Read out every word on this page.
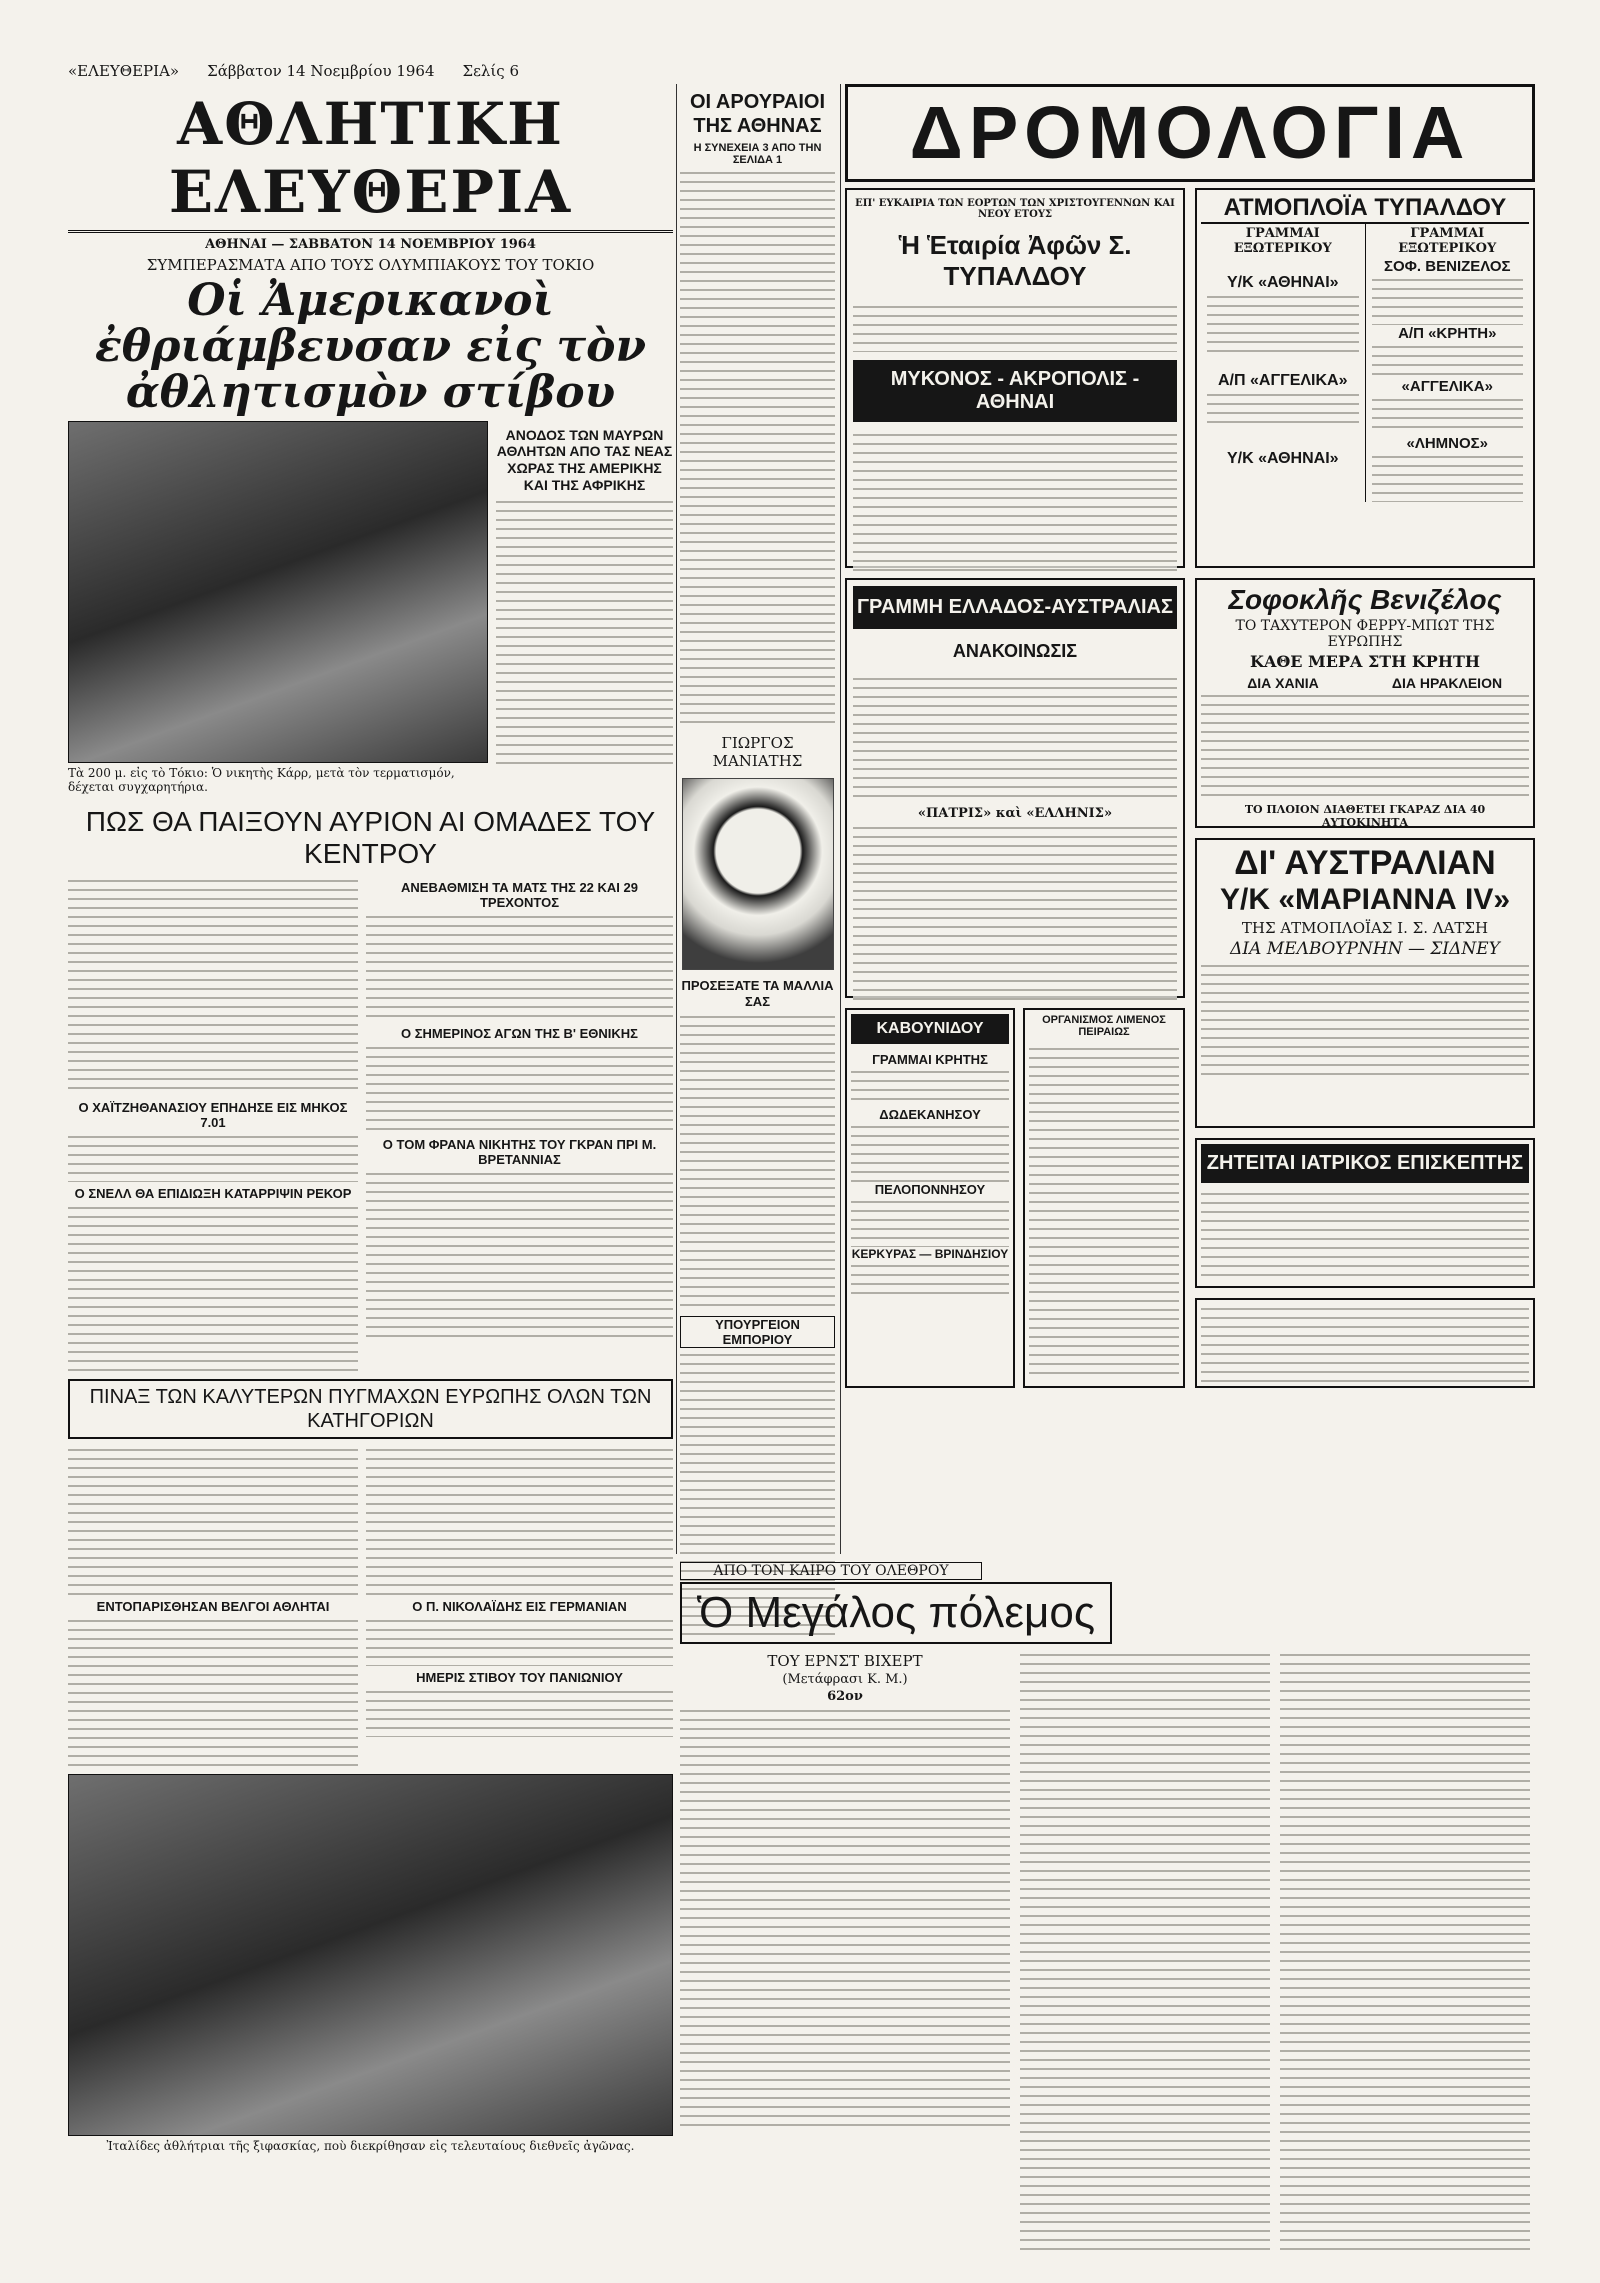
«ΕΛΕΥΘΕΡΙΑ» Σάββατον 14 Νοεμβρίου 1964 Σελίς 6
ΑΘΛΗΤΙΚΗ ΕΛΕΥΘΕΡΙΑ
ΑΘΗΝΑΙ — ΣΑΒΒΑΤΟΝ 14 ΝΟΕΜΒΡΙΟΥ 1964
ΣΥΜΠΕΡΑΣΜΑΤΑ ΑΠΟ ΤΟΥΣ ΟΛΥΜΠΙΑΚΟΥΣ ΤΟΥ ΤΟΚΙΟ
Οἱ Ἀμερικανοὶ ἐθριάμβευσαν εἰς τὸν ἀθλητισμὸν στίβου
Τὰ 200 μ. εἰς τὸ Τόκιο: Ὁ νικητὴς Κάρρ, μετὰ τὸν τερματισμόν, δέχεται συγχαρητήρια.
ΑΝΟΔΟΣ ΤΩΝ ΜΑΥΡΩΝ ΑΘΛΗΤΩΝ ΑΠΟ ΤΑΣ ΝΕΑΣ ΧΩΡΑΣ ΤΗΣ ΑΜΕΡΙΚΗΣ ΚΑΙ ΤΗΣ ΑΦΡΙΚΗΣ
ΠΩΣ ΘΑ ΠΑΙΞΟΥΝ ΑΥΡΙΟΝ ΑΙ ΟΜΑΔΕΣ ΤΟΥ ΚΕΝΤΡΟΥ
Ο ΧΑΪΤΖΗΘΑΝΑΣΙΟΥ ΕΠΗΔΗΣΕ ΕΙΣ ΜΗΚΟΣ 7.01
Ο ΣΝΕΛΛ ΘΑ ΕΠΙΔΙΩΞΗ ΚΑΤΑΡΡΙΨΙΝ ΡΕΚΟΡ
ΑΝΕΒΑΘΜΙΣΗ ΤΑ ΜΑΤΣ ΤΗΣ 22 ΚΑΙ 29 ΤΡΕΧΟΝΤΟΣ
Ο ΣΗΜΕΡΙΝΟΣ ΑΓΩΝ ΤΗΣ Β' ΕΘΝΙΚΗΣ
Ο ΤΟΜ ΦΡΑΝΑ ΝΙΚΗΤΗΣ ΤΟΥ ΓΚΡΑΝ ΠΡΙ Μ. ΒΡΕΤΑΝΝΙΑΣ
ΠΙΝΑΞ ΤΩΝ ΚΑΛΥΤΕΡΩΝ ΠΥΓΜΑΧΩΝ ΕΥΡΩΠΗΣ ΟΛΩΝ ΤΩΝ ΚΑΤΗΓΟΡΙΩΝ
ΕΝΤΟΠΑΡΙΣΘΗΣΑΝ ΒΕΛΓΟΙ ΑΘΛΗΤΑΙ	Ο Π. ΝΙΚΟΛΑΪΔΗΣ ΕΙΣ ΓΕΡΜΑΝΙΑΝ
ΗΜΕΡΙΣ ΣΤΙΒΟΥ ΤΟΥ ΠΑΝΙΩΝΙΟΥ
Ἰταλίδες ἀθλήτριαι τῆς ξιφασκίας, ποὺ διεκρίθησαν εἰς τελευταίους διεθνεῖς ἀγῶνας.
ΟΙ ΑΡΟΥΡΑΙΟΙ ΤΗΣ ΑΘΗΝΑΣ
Η ΣΥΝΕΧΕΙΑ 3 ΑΠΟ ΤΗΝ ΣΕΛΙΔΑ 1
ΓΙΩΡΓΟΣ ΜΑΝΙΑΤΗΣ
ΠΡΟΣΕΞΑΤΕ ΤΑ ΜΑΛΛΙΑ ΣΑΣ
ΥΠΟΥΡΓΕΙΟΝ ΕΜΠΟΡΙΟΥ
ΔΡΟΜΟΛΟΓΙΑ
ΕΠ' ΕΥΚΑΙΡΙΑ ΤΩΝ ΕΟΡΤΩΝ ΤΩΝ ΧΡΙΣΤΟΥΓΕΝΝΩΝ ΚΑΙ ΝΕΟΥ ΕΤΟΥΣ
Ἡ Ἑταιρία Ἀφῶν Σ. ΤΥΠΑΛΔΟΥ
ΜΥΚΟΝΟΣ - ΑΚΡΟΠΟΛΙΣ - ΑΘΗΝΑΙ
ΑΤΜΟΠΛΟΪΑ ΤΥΠΑΛΔΟΥ
ΓΡΑΜΜΑΙ ΕΞΩΤΕΡΙΚΟΥ
Υ/Κ «ΑΘΗΝΑΙ»
Α/Π «ΑΓΓΕΛΙΚΑ»
Υ/Κ «ΑΘΗΝΑΙ»
ΓΡΑΜΜΑΙ ΕΞΩΤΕΡΙΚΟΥ
ΣΟΦ. ΒΕΝΙΖΕΛΟΣ
Α/Π «ΚΡΗΤΗ»
«ΑΓΓΕΛΙΚΑ»
«ΛΗΜΝΟΣ»
ΓΡΑΜΜΗ ΕΛΛΑΔΟΣ-ΑΥΣΤΡΑΛΙΑΣ
ΑΝΑΚΟΙΝΩΣΙΣ
«ΠΑΤΡΙΣ» καὶ «ΕΛΛΗΝΙΣ»
Σοφοκλῆς Βενιζέλος
ΤΟ ΤΑΧΥΤΕΡΟΝ ΦΕΡΡΥ-ΜΠΩΤ ΤΗΣ ΕΥΡΩΠΗΣ
ΚΑΘΕ ΜΕΡΑ ΣΤΗ ΚΡΗΤΗ
ΔΙΑ ΧΑΝΙΑ	ΔΙΑ ΗΡΑΚΛΕΙΟΝ
ΤΟ ΠΛΟΙΟΝ ΔΙΑΘΕΤΕΙ ΓΚΑΡΑΖ ΔΙΑ 40 ΑΥΤΟΚΙΝΗΤΑ
ΔΙ' ΑΥΣΤΡΑΛΙΑΝ
Υ/Κ «ΜΑΡΙΑΝΝΑ IV»
ΤΗΣ ΑΤΜΟΠΛΟΪΑΣ Ι. Σ. ΛΑΤΣΗ
ΔΙΑ ΜΕΛΒΟΥΡΝΗΝ — ΣΙΔΝΕΥ
ΖΗΤΕΙΤΑΙ ΙΑΤΡΙΚΟΣ ΕΠΙΣΚΕΠΤΗΣ
ΚΑΒΟΥΝΙΔΟΥ
ΓΡΑΜΜΑΙ ΚΡΗΤΗΣ
ΔΩΔΕΚΑΝΗΣΟΥ
ΠΕΛΟΠΟΝΝΗΣΟΥ
ΚΕΡΚΥΡΑΣ — ΒΡΙΝΔΗΣΙΟΥ
ΟΡΓΑΝΙΣΜΟΣ ΛΙΜΕΝΟΣ ΠΕΙΡΑΙΩΣ
ΑΠΟ ΤΟΝ ΚΑΙΡΟ ΤΟΥ ΟΛΕΘΡΟΥ
Ὁ Μεγάλος πόλεμος
ΤΟΥ ΕΡΝΣΤ ΒΙΧΕΡΤ
(Μετάφρασι Κ. Μ.)
62ον
